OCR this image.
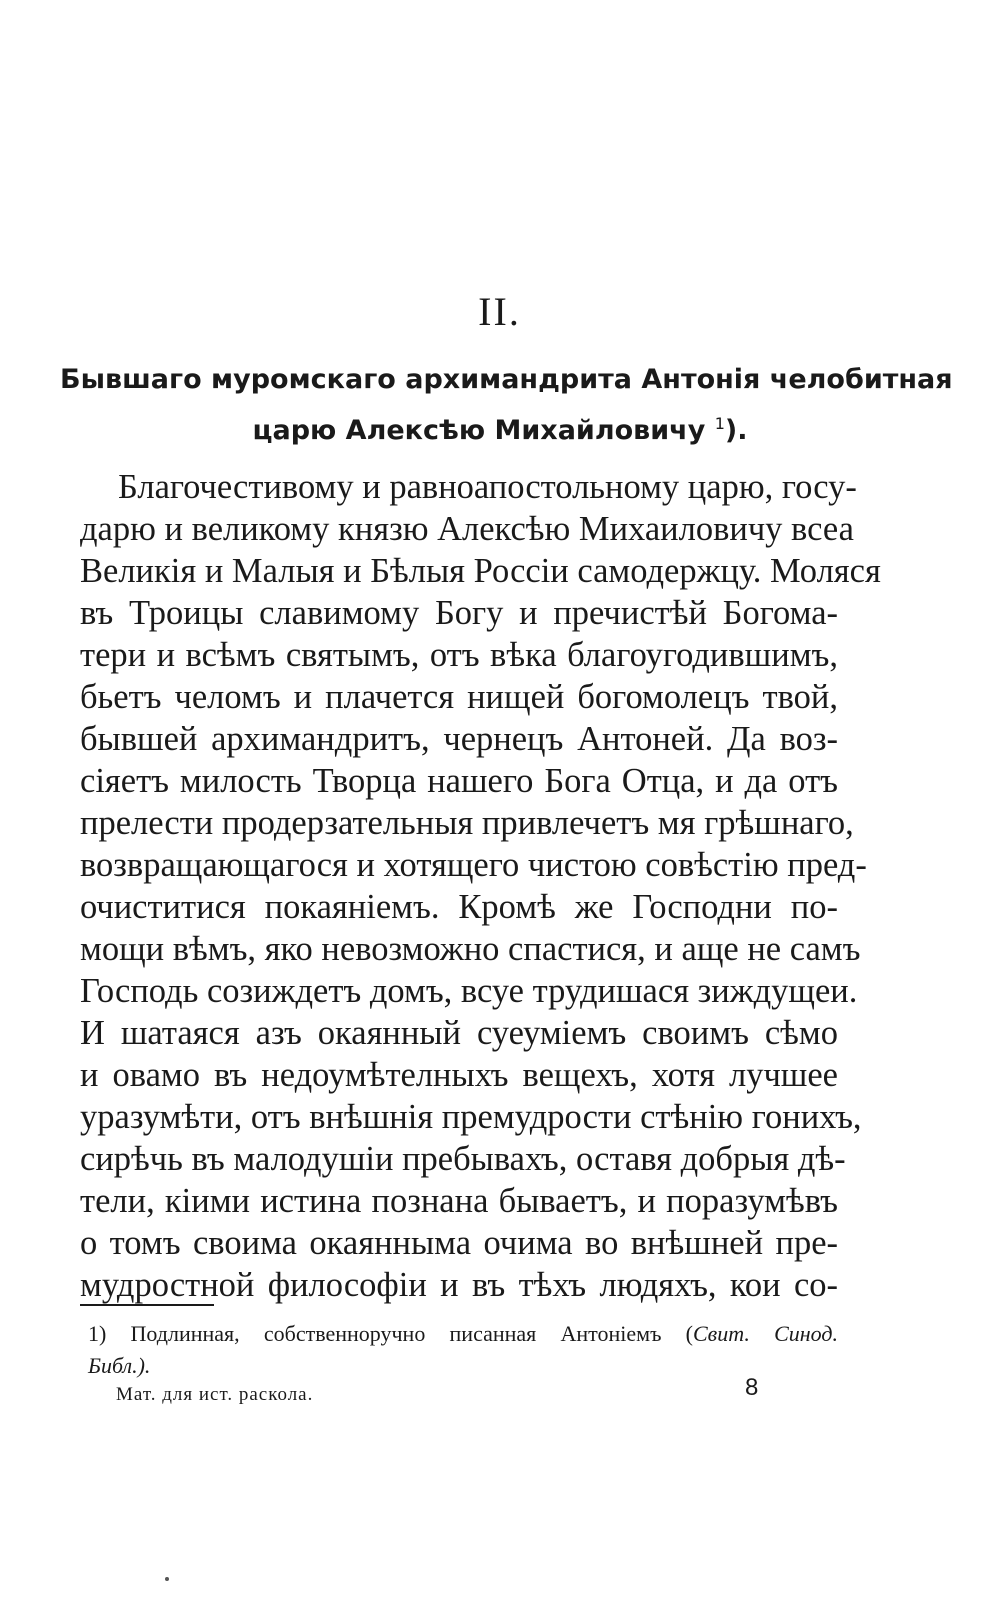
II.
Бывшаго муромскаго архимандрита Антонія челобитная
царю Алексѣю Михайловичу $^1$).
Благочестивому и равноапостольному царю, госу-
дарю и великому князю Алексѣю Михаиловичу всеа
Великія и Малыя и Бѣлыя Россіи самодержцу. Моляся
въ Троицы славимому Богу и пречистѣй Богома-
тери и всѣмъ святымъ, отъ вѣка благоугодившимъ,
бьетъ челомъ и плачется нищей богомолецъ твой,
бывшей архимандритъ, чернецъ Антоней. Да воз-
сіяетъ милость Творца нашего Бога Отца, и да отъ
прелести продерзательныя привлечетъ мя грѣшнаго,
возвращающагося и хотящего чистою совѣстію пред-
очиститися покаяніемъ. Кромѣ же Господни по-
мощи вѣмъ, яко невозможно спастися, и аще не самъ
Господь созиждетъ домъ, всуе трудишася зиждущеи.
И шатаяся азъ окаянный суеуміемъ своимъ сѣмо
и овамо въ недоумѣтелныхъ вещехъ, хотя лучшее
уразумѣти, отъ внѣшнія премудрости стѣнію гонихъ,
сирѣчь въ малодушіи пребывахъ, оставя добрыя дѣ-
тели, кіими истина познана бываетъ, и поразумѣвъ
о томъ своима окаянныма очима во внѣшней пре-
мудростной философіи и въ тѣхъ людяхъ, кои со-
1) Подлинная, собственноручно писанная Антоніемъ (Свит. Синод.
Библ.).
Мат. для ист. раскола.	8
